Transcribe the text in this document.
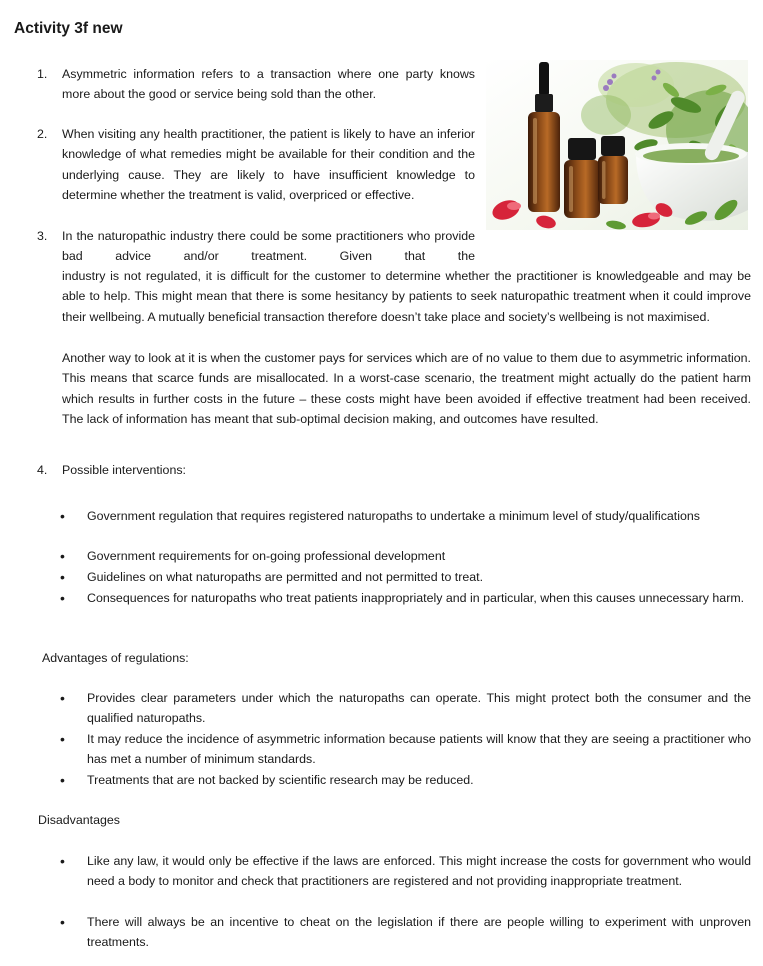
Activity 3f new
1.	Asymmetric information refers to a transaction where one party knows more about the good or service being sold than the other.
2.	When visiting any health practitioner, the patient is likely to have an inferior knowledge of what remedies might be available for their condition and the underlying cause. They are likely to have insufficient knowledge to determine whether the treatment is valid, overpriced or effective.
3.	In the naturopathic industry there could be some practitioners who provide bad advice and/or treatment. Given that the
industry is not regulated, it is difficult for the customer to determine whether the practitioner is knowledgeable and may be able to help. This might mean that there is some hesitancy by patients to seek naturopathic treatment when it could improve their wellbeing. A mutually beneficial transaction therefore doesn’t take place and society’s wellbeing is not maximised.
Another way to look at it is when the customer pays for services which are of no value to them due to asymmetric information. This means that scarce funds are misallocated. In a worst-case scenario, the treatment might actually do the patient harm which results in further costs in the future – these costs might have been avoided if effective treatment had been received. The lack of information has meant that sub-optimal decision making, and outcomes have resulted.
4.	Possible interventions:
•	Government regulation that requires registered naturopaths to undertake a minimum level of study/qualifications
•	Government requirements for on-going professional development
•	Guidelines on what naturopaths are permitted and not permitted to treat.
•	Consequences for naturopaths who treat patients inappropriately and in particular, when this causes unnecessary harm.
Advantages of regulations:
•	Provides clear parameters under which the naturopaths can operate. This might protect both the consumer and the qualified naturopaths.
•	It may reduce the incidence of asymmetric information because patients will know that they are seeing a practitioner who has met a number of minimum standards.
•	Treatments that are not backed by scientific research may be reduced.
Disadvantages
•	Like any law, it would only be effective if the laws are enforced. This might increase the costs for government who would need a body to monitor and check that practitioners are registered and not providing inappropriate treatment.
•	There will always be an incentive to cheat on the legislation if there are people willing to experiment with unproven treatments.
